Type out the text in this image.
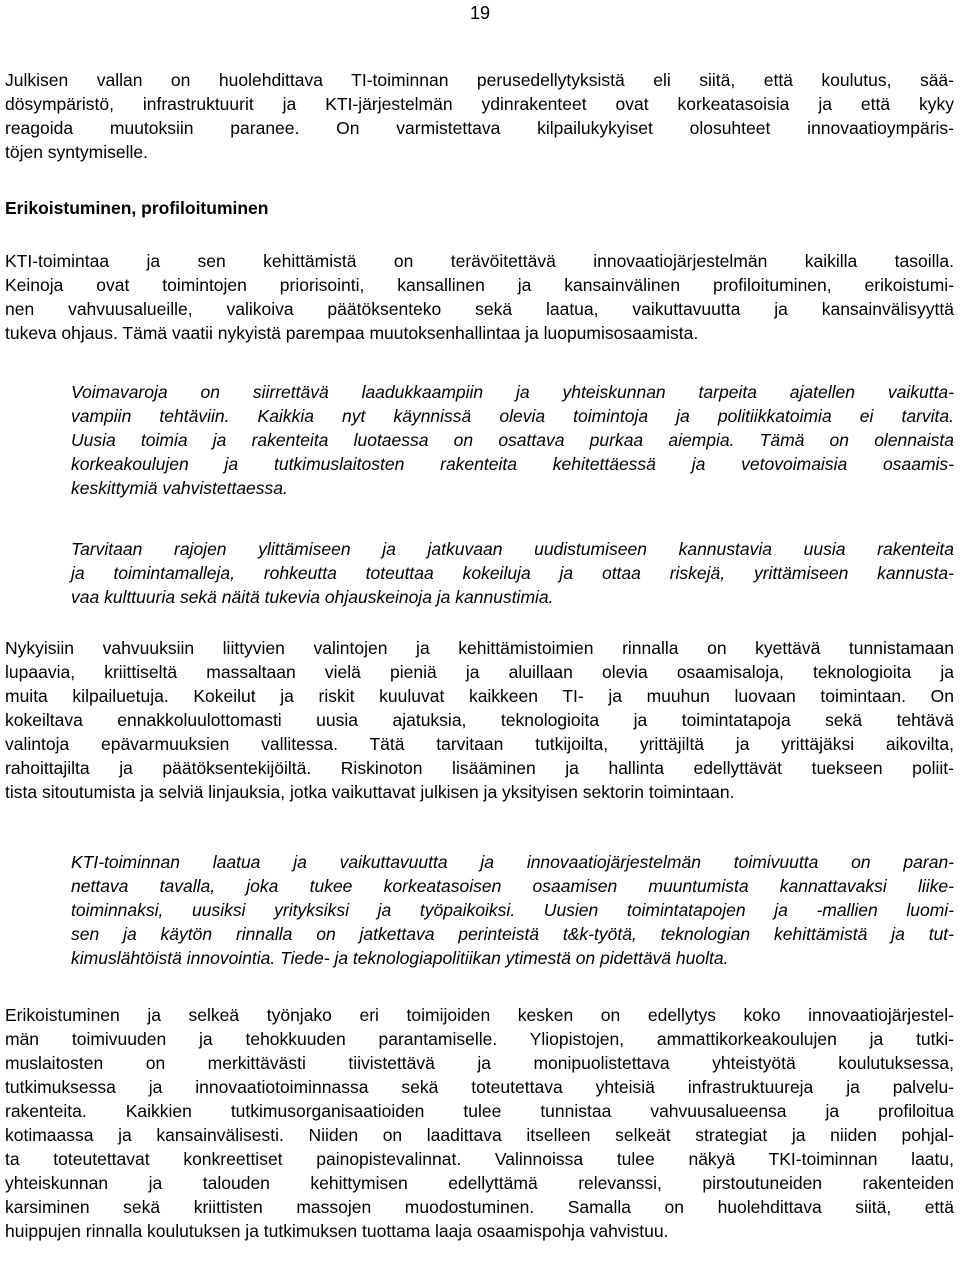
19
Julkisen vallan on huolehdittava TI-toiminnan perusedellytyksistä eli siitä, että koulutus, sää-
dösympäristö, infrastruktuurit ja KTI-järjestelmän ydinrakenteet ovat korkeatasoisia ja että kyky
reagoida muutoksiin paranee. On varmistettava kilpailukykyiset olosuhteet innovaatioympäris-
töjen syntymiselle.
Erikoistuminen, profiloituminen
KTI-toimintaa ja sen kehittämistä on terävöitettävä innovaatiojärjestelmän kaikilla tasoilla.
Keinoja ovat toimintojen priorisointi, kansallinen ja kansainvälinen profiloituminen, erikoistumi-
nen vahvuusalueille, valikoiva päätöksenteko sekä laatua, vaikuttavuutta ja kansainvälisyyttä
tukeva ohjaus. Tämä vaatii nykyistä parempaa muutoksenhallintaa ja luopumisosaamista.
Voimavaroja on siirrettävä laadukkaampiin ja yhteiskunnan tarpeita ajatellen vaikutta-
vampiin tehtäviin. Kaikkia nyt käynnissä olevia toimintoja ja politiikkatoimia ei tarvita.
Uusia toimia ja rakenteita luotaessa on osattava purkaa aiempia. Tämä on olennaista
korkeakoulujen ja tutkimuslaitosten rakenteita kehitettäessä ja vetovoimaisia osaamis-
keskittymiä vahvistettaessa.
Tarvitaan rajojen ylittämiseen ja jatkuvaan uudistumiseen kannustavia uusia rakenteita
ja toimintamalleja, rohkeutta toteuttaa kokeiluja ja ottaa riskejä, yrittämiseen kannusta-
vaa kulttuuria sekä näitä tukevia ohjauskeinoja ja kannustimia.
Nykyisiin vahvuuksiin liittyvien valintojen ja kehittämistoimien rinnalla on kyettävä tunnistamaan
lupaavia, kriittiseltä massaltaan vielä pieniä ja aluillaan olevia osaamisaloja, teknologioita ja
muita kilpailuetuja. Kokeilut ja riskit kuuluvat kaikkeen TI- ja muuhun luovaan toimintaan. On
kokeiltava ennakkoluulottomasti uusia ajatuksia, teknologioita ja toimintatapoja sekä tehtävä
valintoja epävarmuuksien vallitessa. Tätä tarvitaan tutkijoilta, yrittäjiltä ja yrittäjäksi aikovilta,
rahoittajilta ja päätöksentekijöiltä. Riskinoton lisääminen ja hallinta edellyttävät tuekseen poliit-
tista sitoutumista ja selviä linjauksia, jotka vaikuttavat julkisen ja yksityisen sektorin toimintaan.
KTI-toiminnan laatua ja vaikuttavuutta ja innovaatiojärjestelmän toimivuutta on paran-
nettava tavalla, joka tukee korkeatasoisen osaamisen muuntumista kannattavaksi liike-
toiminnaksi, uusiksi yrityksiksi ja työpaikoiksi. Uusien toimintatapojen ja -mallien luomi-
sen ja käytön rinnalla on jatkettava perinteistä t&k-työtä, teknologian kehittämistä ja tut-
kimuslähtöistä innovointia. Tiede- ja teknologiapolitiikan ytimestä on pidettävä huolta.
Erikoistuminen ja selkeä työnjako eri toimijoiden kesken on edellytys koko innovaatiojärjestel-
män toimivuuden ja tehokkuuden parantamiselle. Yliopistojen, ammattikorkeakoulujen ja tutki-
muslaitosten on merkittävästi tiivistettävä ja monipuolistettava yhteistyötä koulutuksessa,
tutkimuksessa ja innovaatiotoiminnassa sekä toteutettava yhteisiä infrastruktuureja ja palvelu-
rakenteita. Kaikkien tutkimusorganisaatioiden tulee tunnistaa vahvuusalueensa ja profiloitua
kotimaassa ja kansainvälisesti. Niiden on laadittava itselleen selkeät strategiat ja niiden pohjal-
ta toteutettavat konkreettiset painopistevalinnat. Valinnoissa tulee näkyä TKI-toiminnan laatu,
yhteiskunnan ja talouden kehittymisen edellyttämä relevanssi, pirstoutuneiden rakenteiden
karsiminen sekä kriittisten massojen muodostuminen. Samalla on huolehdittava siitä, että
huippujen rinnalla koulutuksen ja tutkimuksen tuottama laaja osaamispohja vahvistuu.
